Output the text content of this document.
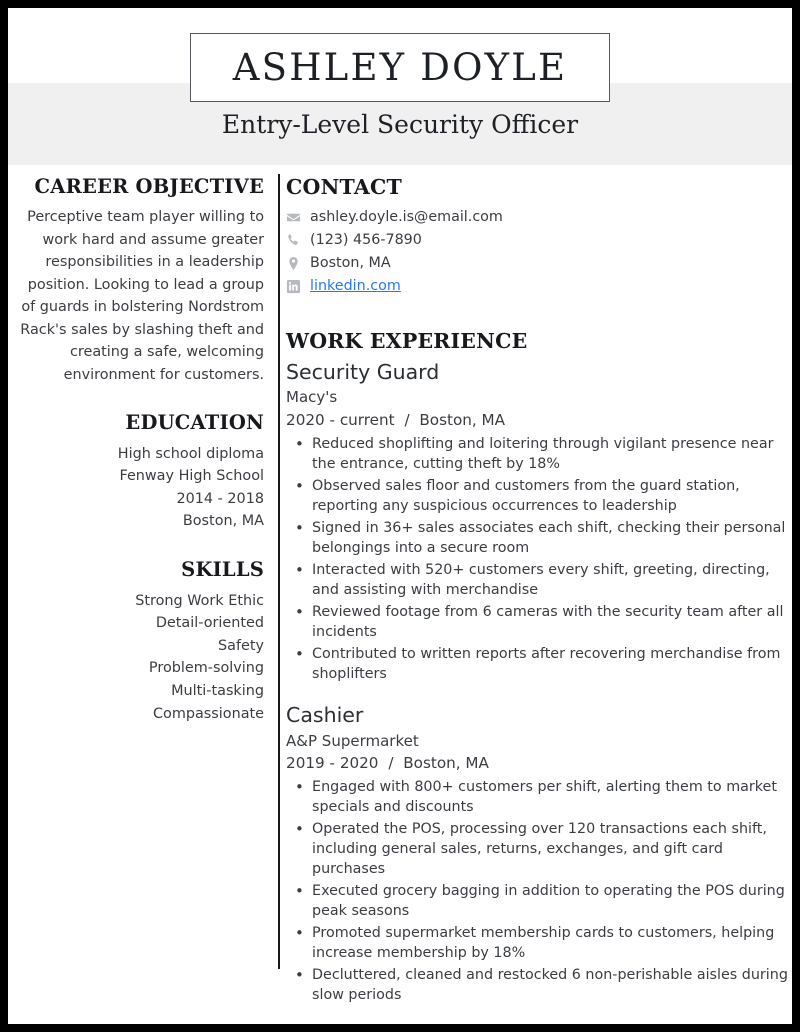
ASHLEY DOYLE
Entry-Level Security Officer
CAREER OBJECTIVE
Perceptive team player willing to work hard and assume greater responsibilities in a leadership position. Looking to lead a group of guards in bolstering Nordstrom Rack's sales by slashing theft and creating a safe, welcoming environment for customers.
EDUCATION
High school diploma
Fenway High School
2014 - 2018
Boston, MA
SKILLS
Strong Work Ethic
Detail-oriented
Safety
Problem-solving
Multi-tasking
Compassionate
CONTACT
ashley.doyle.is@email.com
(123) 456-7890
Boston, MA
linkedin.com
WORK EXPERIENCE
Security Guard
Macy's
2020 - current / Boston, MA
• Reduced shoplifting and loitering through vigilant presence near the entrance, cutting theft by 18%
• Observed sales floor and customers from the guard station, reporting any suspicious occurrences to leadership
• Signed in 36+ sales associates each shift, checking their personal belongings into a secure room
• Interacted with 520+ customers every shift, greeting, directing, and assisting with merchandise
• Reviewed footage from 6 cameras with the security team after all incidents
• Contributed to written reports after recovering merchandise from shoplifters
Cashier
A&P Supermarket
2019 - 2020 / Boston, MA
• Engaged with 800+ customers per shift, alerting them to market specials and discounts
• Operated the POS, processing over 120 transactions each shift, including general sales, returns, exchanges, and gift card purchases
• Executed grocery bagging in addition to operating the POS during peak seasons
• Promoted supermarket membership cards to customers, helping increase membership by 18%
• Decluttered, cleaned and restocked 6 non-perishable aisles during slow periods
